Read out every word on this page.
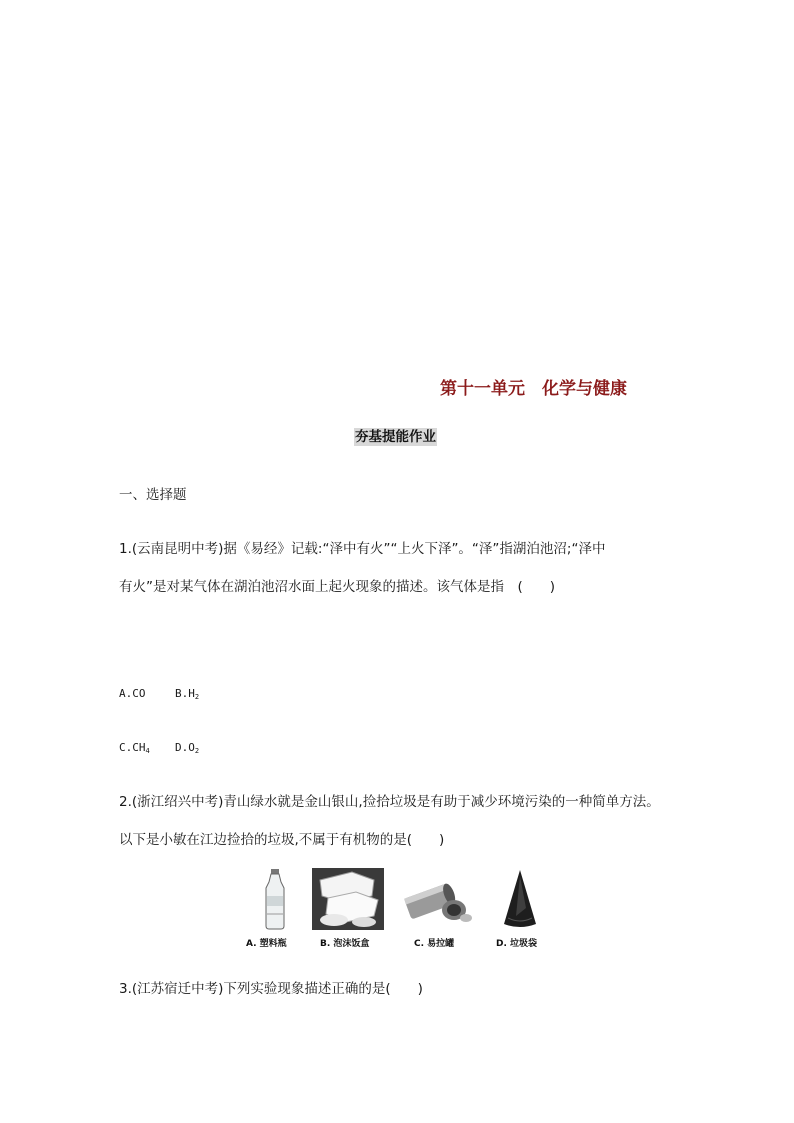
第十一单元　化学与健康
夯基提能作业
一、选择题
1.(云南昆明中考)据《易经》记载:“泽中有火”“上火下泽”。“泽”指湖泊池沼;“泽中
有火”是对某气体在湖泊池沼水面上起火现象的描述。该气体是指　(　　)
A.CO	$B.H_2$
$C.CH_4$ $D.O_2$
2.(浙江绍兴中考)青山绿水就是金山银山,捡拾垃圾是有助于减少环境污染的一种简单方法。
以下是小敏在江边捡拾的垃圾,不属于有机物的是(　　)
A. 塑料瓶	B. 泡沫饭盒	C. 易拉罐	D. 垃圾袋
3.(江苏宿迁中考)下列实验现象描述正确的是(　　)
